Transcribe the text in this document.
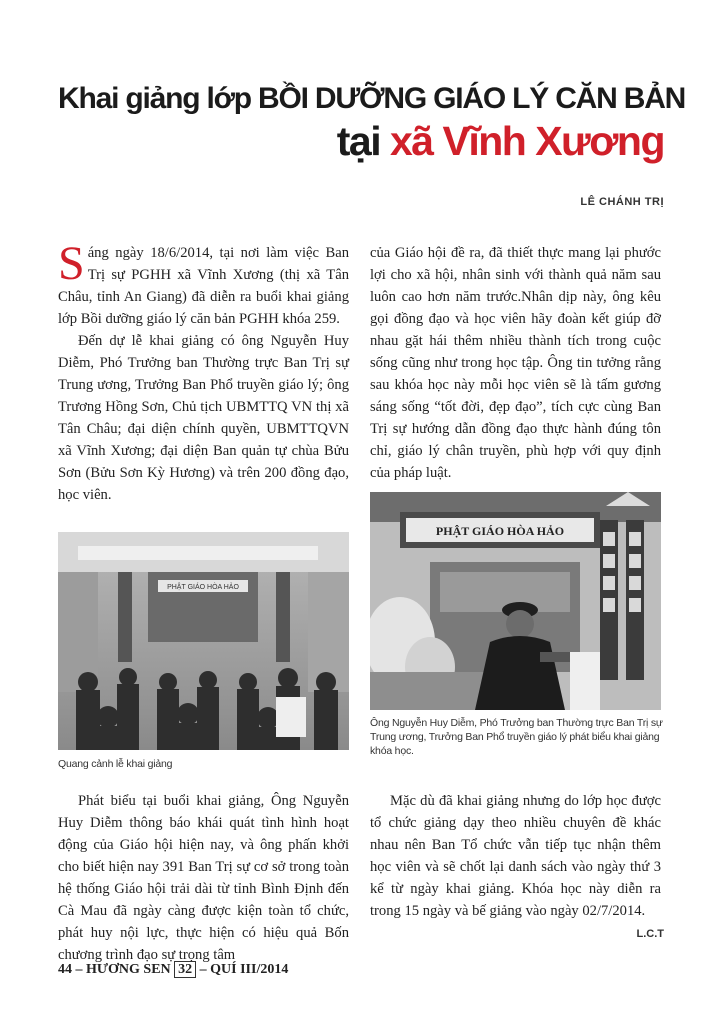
Khai giảng lớp BỒI DƯỠNG GIÁO LÝ CĂN BẢN
tại xã Vĩnh Xương
LÊ CHÁNH TRỊ

Sáng ngày 18/6/2014, tại nơi làm việc Ban Trị sự PGHH xã Vĩnh Xương (thị xã Tân Châu, tỉnh An Giang) đã diễn ra buổi khai giảng lớp Bồi dưỡng giáo lý căn bản PGHH khóa 259.

Đến dự lễ khai giảng có ông Nguyễn Huy Diễm, Phó Trưởng ban Thường trực Ban Trị sự Trung ương, Trưởng Ban Phổ truyền giáo lý; ông Trương Hồng Sơn, Chủ tịch UBMTTQ VN thị xã Tân Châu; đại diện chính quyền, UBMTTQVN xã Vĩnh Xương; đại diện Ban quản tự chùa Bửu Sơn (Bửu Sơn Kỳ Hương) và trên 200 đồng đạo, học viên.

của Giáo hội đề ra, đã thiết thực mang lại phước lợi cho xã hội, nhân sinh với thành quả năm sau luôn cao hơn năm trước.Nhân dịp này, ông kêu gọi đồng đạo và học viên hãy đoàn kết giúp đỡ nhau gặt hái thêm nhiều thành tích trong cuộc sống cũng như trong học tập. Ông tin tưởng rằng sau khóa học này mỗi học viên sẽ là tấm gương sáng sống “tốt đời, đẹp đạo”, tích cực cùng Ban Trị sự hướng dẫn đồng đạo thực hành đúng tôn chỉ, giáo lý chân truyền, phù hợp với quy định của pháp luật.

PHẬT GIÁO HÒA HẢO
Quang cảnh lễ khai giảng
PHẬT GIÁO HÒA HẢO
Ông Nguyễn Huy Diễm, Phó Trưởng ban Thường trực Ban Trị sự Trung ương, Trưởng Ban Phổ truyền giáo lý phát biểu khai giảng khóa học.

Phát biểu tại buổi khai giảng, Ông Nguyễn Huy Diễm thông báo khái quát tình hình hoạt động của Giáo hội hiện nay, và ông phấn khởi cho biết hiện nay 391 Ban Trị sự cơ sở trong toàn hệ thống Giáo hội trải dài từ tỉnh Bình Định đến Cà Mau đã ngày càng được kiện toàn tổ chức, phát huy nội lực, thực hiện có hiệu quả Bốn chương trình đạo sự trọng tâm

Mặc dù đã khai giảng nhưng do lớp học được tổ chức giảng dạy theo nhiều chuyên đề khác nhau nên Ban Tổ chức vẫn tiếp tục nhận thêm học viên và sẽ chốt lại danh sách vào ngày thứ 3 kể từ ngày khai giảng. Khóa học này diễn ra trong 15 ngày và bế giảng vào ngày 02/7/2014.

L.C.T
44 – HƯƠNG SEN 32 – QUÍ III/2014
